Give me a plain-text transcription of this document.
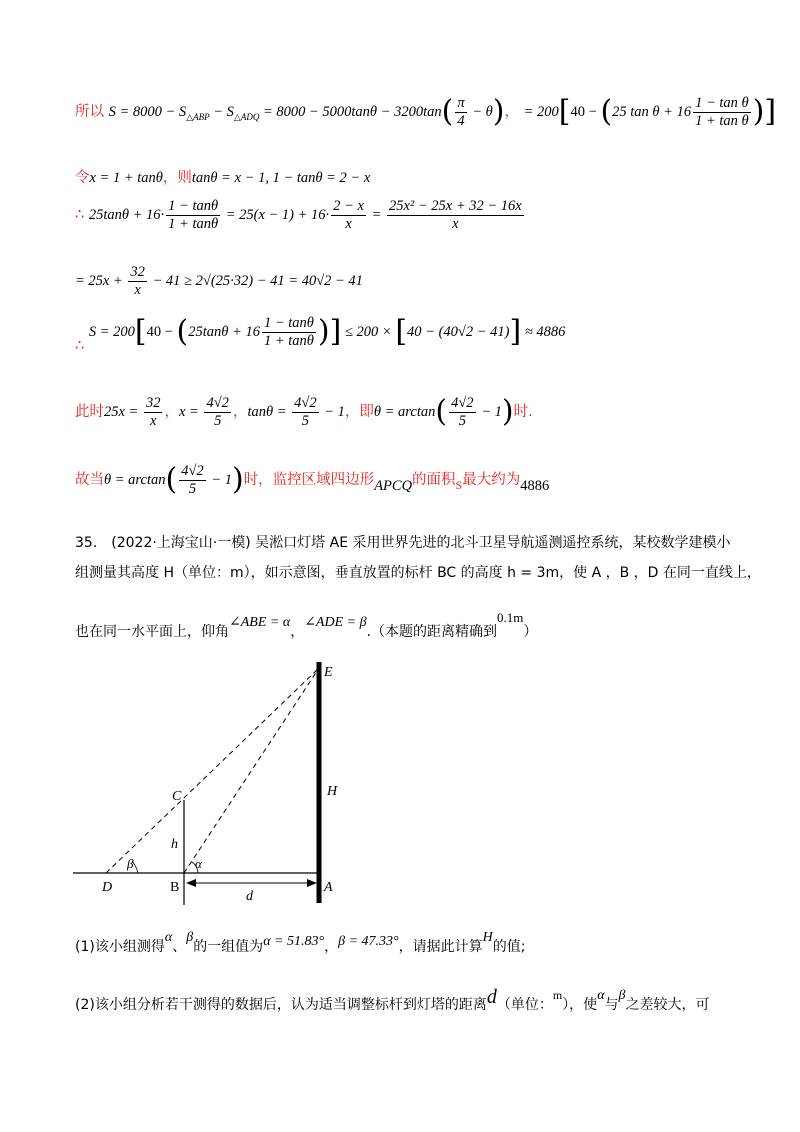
所以 $S = 8000 - S_{\triangle ABP} - S_{\triangle ADQ} = 8000 - 5000\tan\theta - 3200\tan( \frac{\pi}{4} - \theta)$， = 200[40 − (25 $\tan \theta + 16 \frac{\text{1 − tan θ}}{\text{1 + tan θ}}$ )]
令x = 1 + tanθ，则tanθ = x − 1, 1 − tanθ = 2 − x
∴ $25\tan\theta + 16\cdot \frac{1 - \tan\theta}{1 + \tan\theta} = 25(x - 1) + 16\cdot \frac{2 - x}{x} = \frac{\text{25x² − 25x + 32 − 16x}}{x}$
= $25x + \frac{32}{x} - 41 \ge 2√(25\cdot 32) - 41 = 40√2 - 41$
∴ $S = 200[40 - (25\tan\theta + 16 \frac{1 - \tan\theta}{1 + \tan\theta}$ )] ≤ 200 × [40 − (40√2 − 41)] ≈ 4886
此时$25x = \frac{32}{x}$ ，$x = \frac{4√2}{5}$ ，$\tan\theta = \frac{4√2}{5} - 1$，即$\theta = \arctan( \frac{4√2}{5} - 1)$时.
故当$\theta = \arctan( \frac{4√2}{5} - 1)$时，监控区域四边形APCQ的面积$_S$最大约为4886
35.　(2022·上海宝山·一模) 吴淞口灯塔 AE 采用世界先进的北斗卫星导航遥测遥控系统，某校数学建模小
组测量其高度 H（单位：m），如示意图，垂直放置的标杆 BC 的高度 h = 3m，使 A ，B ，D 在同一直线上，
也在同一水平面上，仰角∠ABE = α，∠ADE = β.（本题的距离精确到0.1m）
E
C	H
h
α
β
D	B
d
A
(1)该小组测得α、β的一组值为α = 51.83°，β = 47.33°，请据此计算H的值;
(2)该小组分析若干测得的数据后，认为适当调整标杆到灯塔的距离d（单位：m），使α与β之差较大，可
